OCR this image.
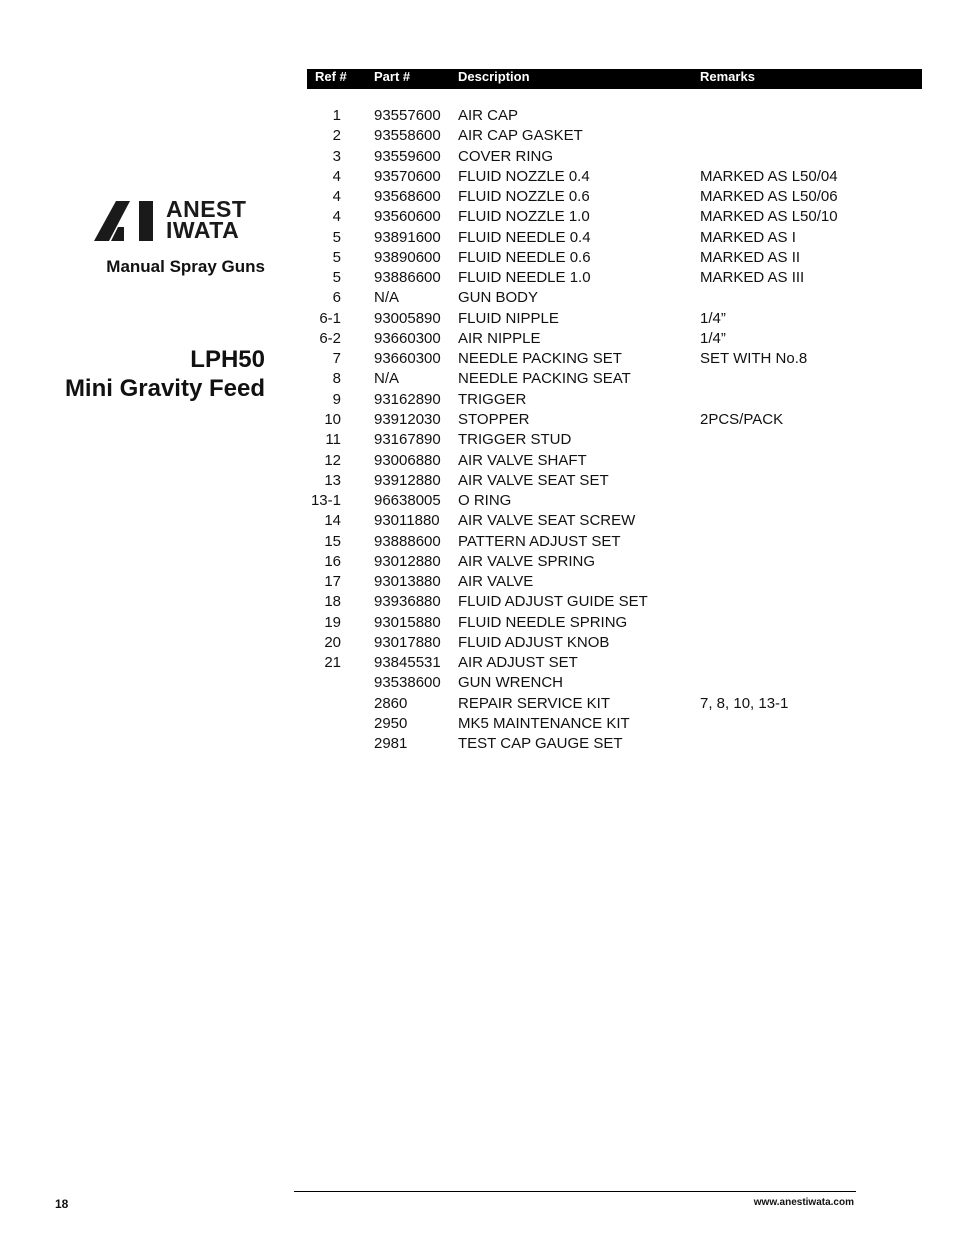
ANEST
IWATA
Manual Spray Guns
LPH50
Mini Gravity Feed
Ref # Part #	Description	Remarks
1 93557600 AIR CAP
2 93558600 AIR CAP GASKET
3 93559600 COVER RING
4 93570600 FLUID NOZZLE 0.4	MARKED AS L50/04
4 93568600 FLUID NOZZLE 0.6	MARKED AS L50/06
4 93560600 FLUID NOZZLE 1.0	MARKED AS L50/10
5 93891600 FLUID NEEDLE 0.4	MARKED AS I
5 93890600 FLUID NEEDLE 0.6	MARKED AS II
5 93886600 FLUID NEEDLE 1.0	MARKED AS III
6 N/A	GUN BODY
6-1 93005890 FLUID NIPPLE	1/4”
6-2 93660300 AIR NIPPLE	1/4”
7 93660300 NEEDLE PACKING SET	SET WITH No.8
8 N/A	NEEDLE PACKING SEAT
9 93162890 TRIGGER
10 93912030 STOPPER	2PCS/PACK
11 93167890 TRIGGER STUD
12 93006880 AIR VALVE SHAFT
13 93912880 AIR VALVE SEAT SET
13-1 96638005 O RING
14 93011880 AIR VALVE SEAT SCREW
15 93888600 PATTERN ADJUST SET
16 93012880 AIR VALVE SPRING
17 93013880 AIR VALVE
18 93936880 FLUID ADJUST GUIDE SET
19 93015880 FLUID NEEDLE SPRING
20 93017880 FLUID ADJUST KNOB
21 93845531 AIR ADJUST SET
93538600 GUN WRENCH
2860	REPAIR SERVICE KIT	7, 8, 10, 13-1
2950	MK5 MAINTENANCE KIT
2981	TEST CAP GAUGE SET
18	www.anestiwata.com
